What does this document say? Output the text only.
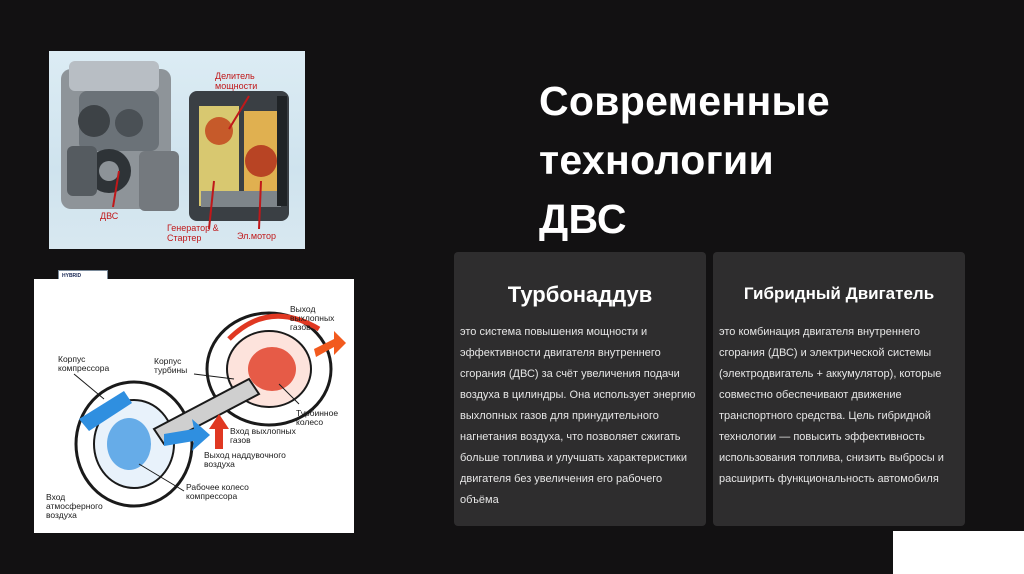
Делитель мощности
ДВС
Генератор & Стартер	Эл.мотор
HYBRID
Выход выхлопных газов
Корпус компрессора
Корпус турбины
Турбинное колесо
Вход выхлопных газов
Выход наддувочного воздуха
Рабочее колесо компрессора
Вход атмосферного воздуха
Современные
технологии
ДВС
Турбонаддув
это система повышения мощности и эффективности двигателя внутреннего сгорания (ДВС) за счёт увеличения подачи воздуха в цилиндры. Она использует энергию выхлопных газов для принудительного нагнетания воздуха, что позволяет сжигать больше топлива и улучшать характеристики двигателя без увеличения его рабочего объёма
Гибридный Двигатель
это комбинация двигателя внутреннего сгорания (ДВС) и электрической системы (электродвигатель + аккумулятор), которые совместно обеспечивают движение транспортного средства. Цель гибридной технологии — повысить эффективность использования топлива, снизить выбросы и расширить функциональность автомобиля
